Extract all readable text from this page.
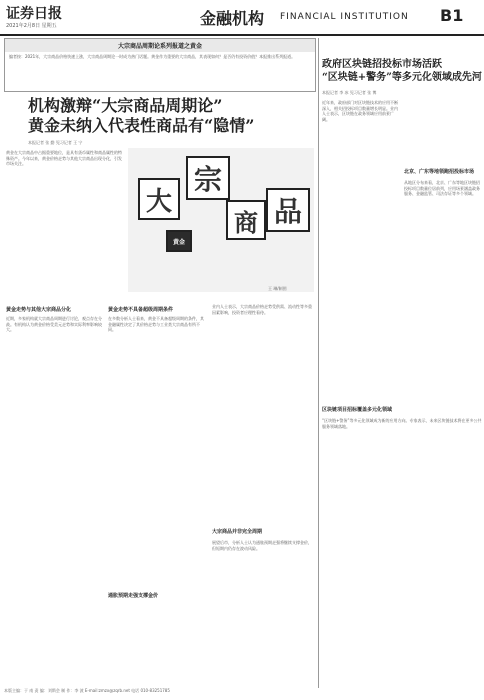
证券日报
2021年2月8日 星期五	金融机构 FINANCIAL INSTITUTION B1
大宗商品周期论系列报道之黄金
编者按：2021年，大宗商品价格快速上涨，大宗商品周期论一时成为热门话题。黄金作为重要的大宗商品，其表现如何？是否仍有投资价值？本报推出系列报道。
机构激辩“大宗商品周期论”
黄金未纳入代表性商品有“隐情”
本报记者 张 勤 见习记者 王 宁
黄金在大宗商品中占据重要地位，是具有货币属性和商品属性的特殊资产。今年以来，黄金价格走势与其他大宗商品出现分化，引发市场关注。
大
宗
商 品
黄金
王 琳/制图
黄金走势与其他大宗商品分化
近期，多家机构就大宗商品周期进行讨论，观点存在分歧。有机构认为黄金价格受美元走势和实际利率影响较大。
黄金走势不具备超级周期条件
在多数分析人士看来，黄金不具备超级周期的条件，其金融属性决定了其价格走势与工业类大宗商品有所不同。
大宗商品并非完全周期
业内人士表示，大宗商品价格走势受供需、流动性等多重因素影响，投资者应理性看待。
通胀预期走强支撑金价
展望后市，分析人士认为通胀预期走强将继续支撑金价，但短期内仍存在波动风险。
政府区块链招投标市场活跃
“区块链+警务”等多元化领域成先河
本报记者 李 冰 见习记者 张 博
近年来，政府部门对区块链技术的应用不断深入，相关招投标项目数量增长明显。业内人士表示，区块链在政务领域应用前景广阔。
北京、广东等地领跑招投标市场
从地区分布来看，北京、广东等地区块链招投标项目数量位居前列，应用场景涵盖政务服务、金融监管、司法存证等多个领域。
区块链项目招标覆盖多元化领域
“区块链+警务”等多元化领域成为新的应用方向。专家表示，未来区块链技术将在更多公共服务领域落地。
本版主编：于 南 责 编：刘斯会 制 作：李 波 E-mail:zmzx@zqrb.net 电话 010-83251785
